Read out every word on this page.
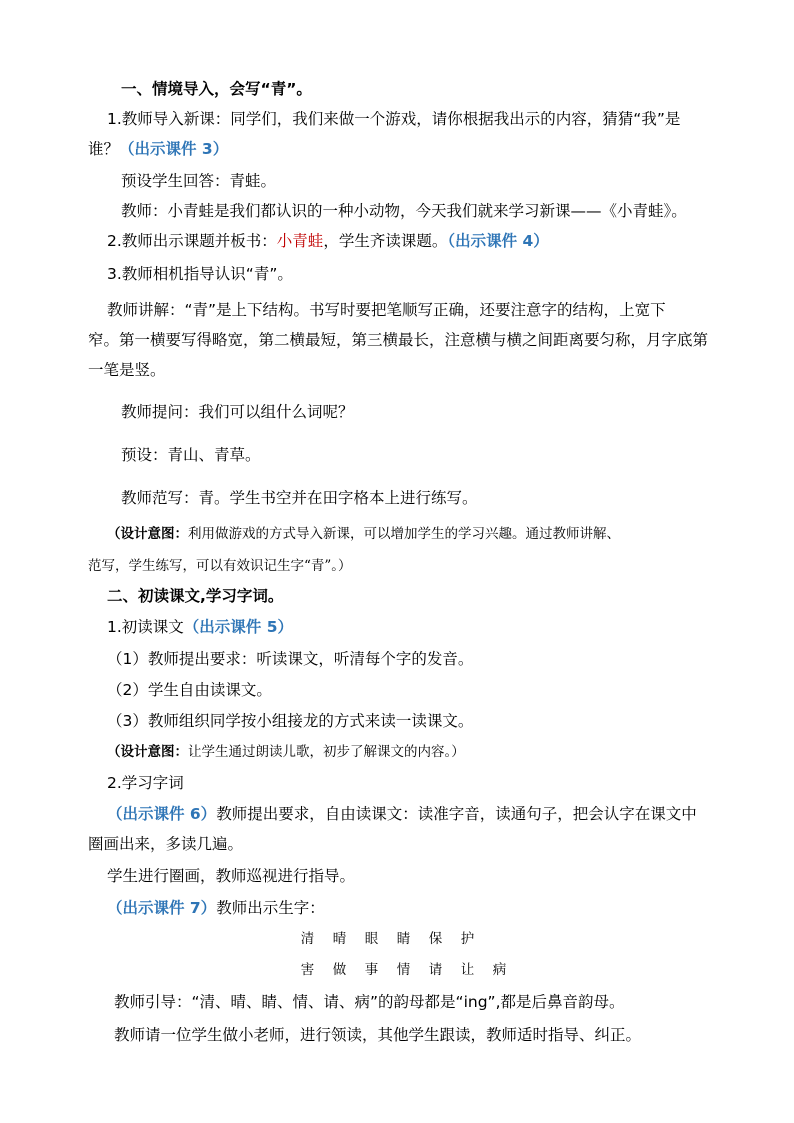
一、情境导入，会写“青”。
1.教师导入新课：同学们，我们来做一个游戏，请你根据我出示的内容，猜猜“我”是
谁？（出示课件 3）
预设学生回答：青蛙。
教师：小青蛙是我们都认识的一种小动物，今天我们就来学习新课——《小青蛙》。
2.教师出示课题并板书：小青蛙，学生齐读课题。（出示课件 4）
3.教师相机指导认识“青”。
教师讲解：“青”是上下结构。书写时要把笔顺写正确，还要注意字的结构，上宽下
窄。第一横要写得略宽，第二横最短，第三横最长，注意横与横之间距离要匀称，月字底第
一笔是竖。
教师提问：我们可以组什么词呢？
预设：青山、青草。
教师范写：青。学生书空并在田字格本上进行练写。
（设计意图：利用做游戏的方式导入新课，可以增加学生的学习兴趣。通过教师讲解、
范写，学生练写，可以有效识记生字“青”。）
二、初读课文,学习字词。
1.初读课文（出示课件 5）
（1）教师提出要求：听读课文，听清每个字的发音。
（2）学生自由读课文。
（3）教师组织同学按小组接龙的方式来读一读课文。
（设计意图：让学生通过朗读儿歌，初步了解课文的内容。）
2.学习字词
（出示课件 6）教师提出要求，自由读课文：读准字音，读通句子，把会认字在课文中
圈画出来，多读几遍。
学生进行圈画，教师巡视进行指导。
（出示课件 7）教师出示生字：
清 晴 眼 睛 保 护
害 做 事 情 请 让 病
教师引导：“清、晴、睛、情、请、病”的韵母都是“ing”,都是后鼻音韵母。
教师请一位学生做小老师，进行领读，其他学生跟读，教师适时指导、纠正。
